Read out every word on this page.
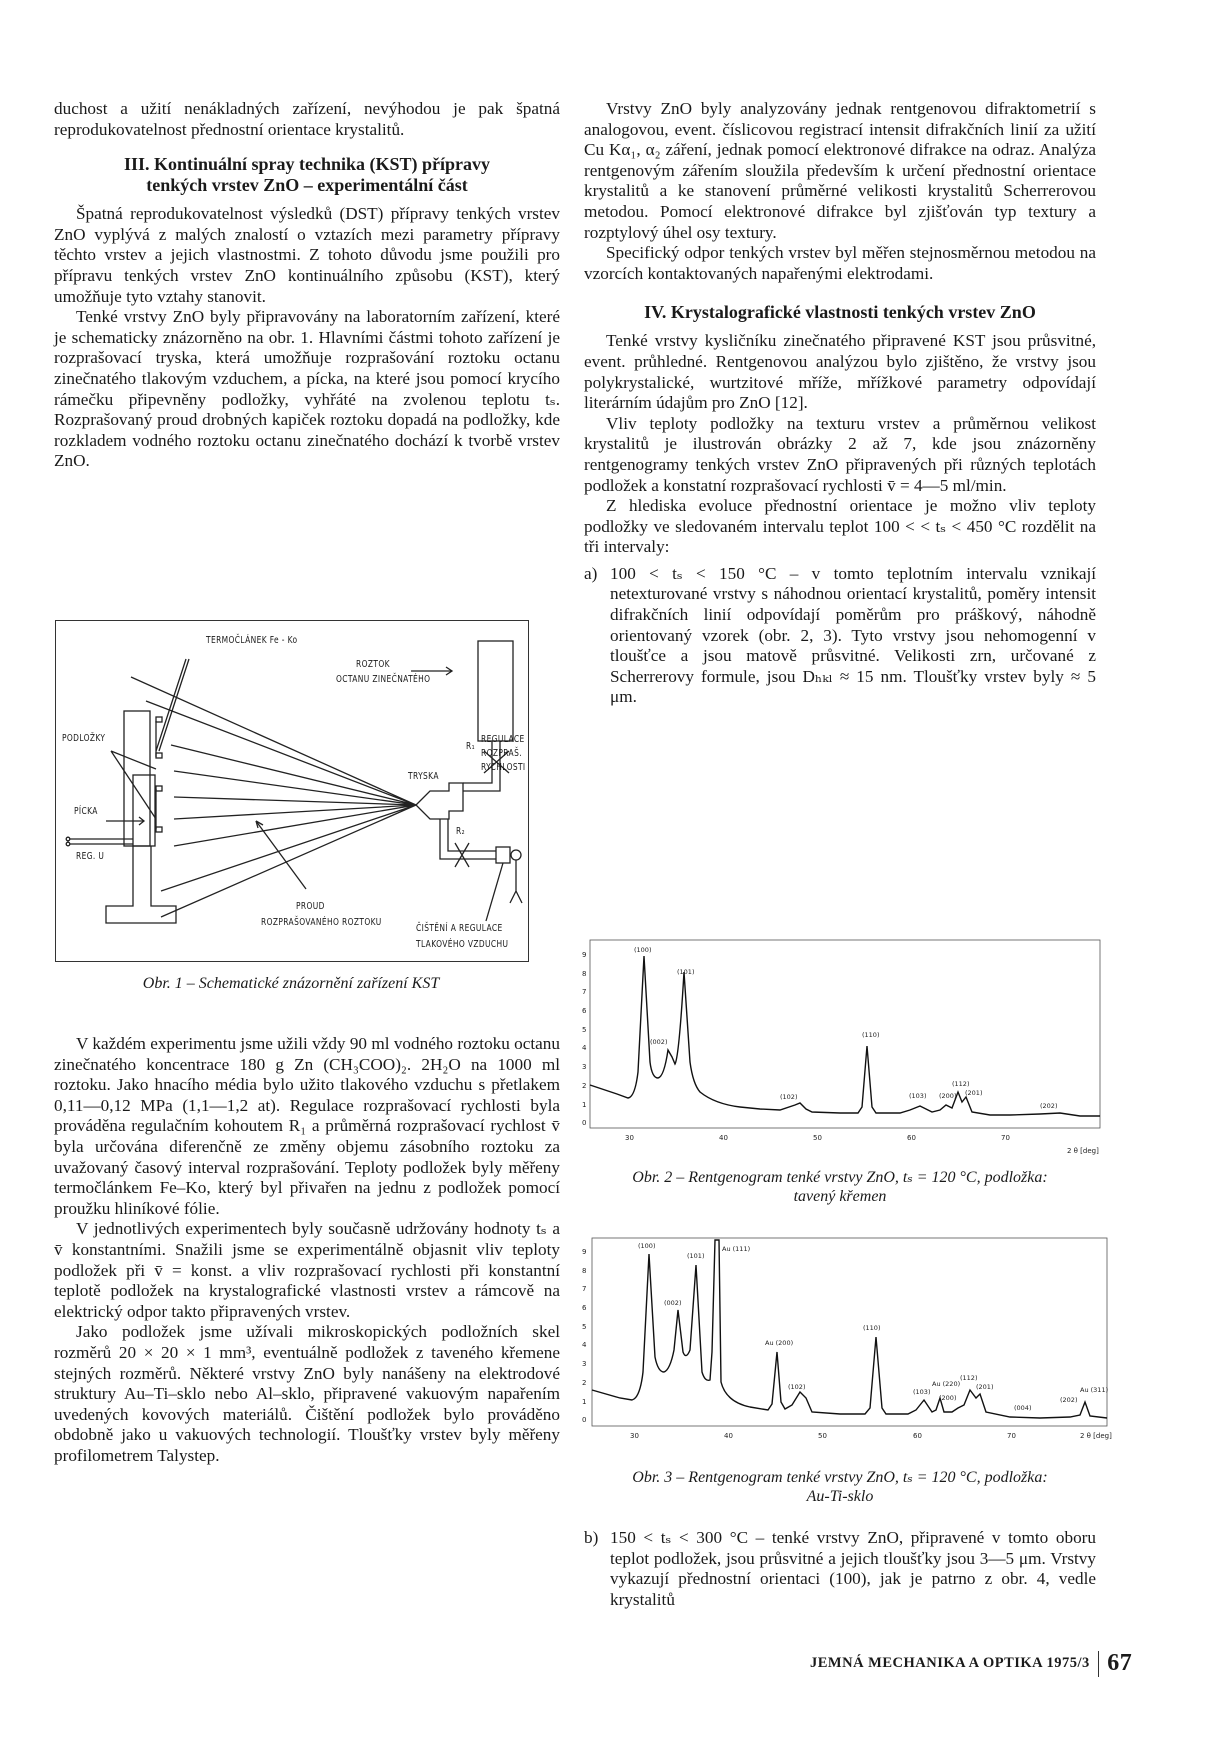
duchost a užití nenákladných zařízení, nevýhodou je pak špatná reprodukovatelnost přednostní orientace krystalitů.

III. Kontinuální spray technika (KST) přípravy
tenkých vrstev ZnO – experimentální část

Špatná reprodukovatelnost výsledků (DST) přípravy tenkých vrstev ZnO vyplývá z malých znalostí o vztazích mezi parametry přípravy těchto vrstev a jejich vlastnostmi. Z tohoto důvodu jsme použili pro přípravu tenkých vrstev ZnO kontinuálního způsobu (KST), který umožňuje tyto vztahy stanovit.

Tenké vrstvy ZnO byly připravovány na laboratorním zařízení, které je schematicky znázorněno na obr. 1. Hlavními částmi tohoto zařízení je rozprašovací tryska, která umožňuje rozprašování roztoku octanu zinečnatého tlakovým vzduchem, a pícka, na které jsou pomocí krycího rámečku připevněny podložky, vyhřáté na zvolenou teplotu tₛ. Rozprašovaný proud drobných kapiček roztoku dopadá na podložky, kde rozkladem vodného roztoku octanu zinečnatého dochází k tvorbě vrstev ZnO.

TERMOČLÁNEK Fe - Ko
ROZTOK
OCTANU ZINEČNATÉHO
PODLOŽKY
PÍCKA
REG. U
R₁
TRYSKA
REGULACE
ROZPRAŠ.
RYCHLOSTI
R₂
PROUD
ROZPRAŠOVANÉHO ROZTOKU
ČIŠTĚNÍ A REGULACE
TLAKOVÉHO VZDUCHU
Obr. 1 – Schematické znázornění zařízení KST

V každém experimentu jsme užili vždy 90 ml vodného roztoku octanu zinečnatého koncentrace 180 g Zn (CH₃COO)₂. 2H₂O na 1000 ml roztoku. Jako hnacího média bylo užito tlakového vzduchu s přetlakem 0,11—0,12 MPa (1,1—1,2 at). Regulace rozprašovací rychlosti byla prováděna regulačním kohoutem R₁ a průměrná rozprašovací rychlost v̄ byla určována diferenčně ze změny objemu zásobního roztoku za uvažovaný časový interval rozprašování. Teploty podložek byly měřeny termočlánkem Fe–Ko, který byl přivařen na jednu z podložek pomocí proužku hliníkové fólie.

V jednotlivých experimentech byly současně udržovány hodnoty tₛ a v̄ konstantními. Snažili jsme se experimentálně objasnit vliv teploty podložek při v̄ = konst. a vliv rozprašovací rychlosti při konstantní teplotě podložek na krystalografické vlastnosti vrstev a rámcově na elektrický odpor takto připravených vrstev.

Jako podložek jsme užívali mikroskopických podložních skel rozměrů 20 × 20 × 1 mm³, eventuálně podložek z taveného křemene stejných rozměrů. Některé vrstvy ZnO byly nanášeny na elektrodové struktury Au–Ti–sklo nebo Al–sklo, připravené vakuovým napařením uvedených kovových materiálů. Čištění podložek bylo prováděno obdobně jako u vakuových technologií. Tloušťky vrstev byly měřeny profilometrem Talystep.

Vrstvy ZnO byly analyzovány jednak rentgenovou difraktometrií s analogovou, event. číslicovou registrací intensit difrakčních linií za užití Cu Kα₁, α₂ záření, jednak pomocí elektronové difrakce na odraz. Analýza rentgenovým zářením sloužila především k určení přednostní orientace krystalitů a ke stanovení průměrné velikosti krystalitů Scherrerovou metodou. Pomocí elektronové difrakce byl zjišťován typ textury a rozptylový úhel osy textury.

Specifický odpor tenkých vrstev byl měřen stejnosměrnou metodou na vzorcích kontaktovaných napařenými elektrodami.

IV. Krystalografické vlastnosti tenkých vrstev ZnO

Tenké vrstvy kysličníku zinečnatého připravené KST jsou průsvitné, event. průhledné. Rentgenovou analýzou bylo zjištěno, že vrstvy jsou polykrystalické, wurtzitové mříže, mřížkové parametry odpovídají literárním údajům pro ZnO [12].

Vliv teploty podložky na texturu vrstev a průměrnou velikost krystalitů je ilustrován obrázky 2 až 7, kde jsou znázorněny rentgenogramy tenkých vrstev ZnO připravených při různých teplotách podložek a konstatní rozprašovací rychlosti v̄ = 4—5 ml/min.

Z hlediska evoluce přednostní orientace je možno vliv teploty podložky ve sledovaném intervalu teplot 100 < < tₛ < 450 °C rozdělit na tři intervaly:

a) 100 < tₛ < 150 °C – v tomto teplotním intervalu vznikají netexturované vrstvy s náhodnou orientací krystalitů, poměry intensit difrakčních linií odpovídají poměrům pro práškový, náhodně orientovaný vzorek (obr. 2, 3). Tyto vrstvy jsou nehomogenní v tloušťce a jsou matově průsvitné. Velikosti zrn, určované z Scherrerovy formule, jsou Dₕₖₗ ≈ 15 nm. Tloušťky vrstev byly ≈ 5 μm.
0
1
2
3
4
5
6
7
8
9
30	40	50	60	70
2 θ [deg]
(100)
(002)
(101)
(102)
(110)
(103) (200)
(112)
(201)
(202)
Obr. 2 – Rentgenogram tenké vrstvy ZnO, tₛ = 120 °C, podložka:
tavený křemen
0
1
2
3
4
5
6
7
8
9
30	40	50	60	70	2 θ [deg]
(100)
(002)
(101)
Au (111)
Au (200)
(102)
(110)
(103)
Au (220)
(200)
(112)
(201)
(004)
(202)
Au (311)
Obr. 3 – Rentgenogram tenké vrstvy ZnO, tₛ = 120 °C, podložka:
Au-Ti-sklo
b) 150 < tₛ < 300 °C – tenké vrstvy ZnO, připravené v tomto oboru teplot podložek, jsou průsvitné a jejich tloušťky jsou 3—5 μm. Vrstvy vykazují přednostní orientaci (100), jak je patrno z obr. 4, vedle krystalitů
JEMNÁ MECHANIKA A OPTIKA 1975/3 67
